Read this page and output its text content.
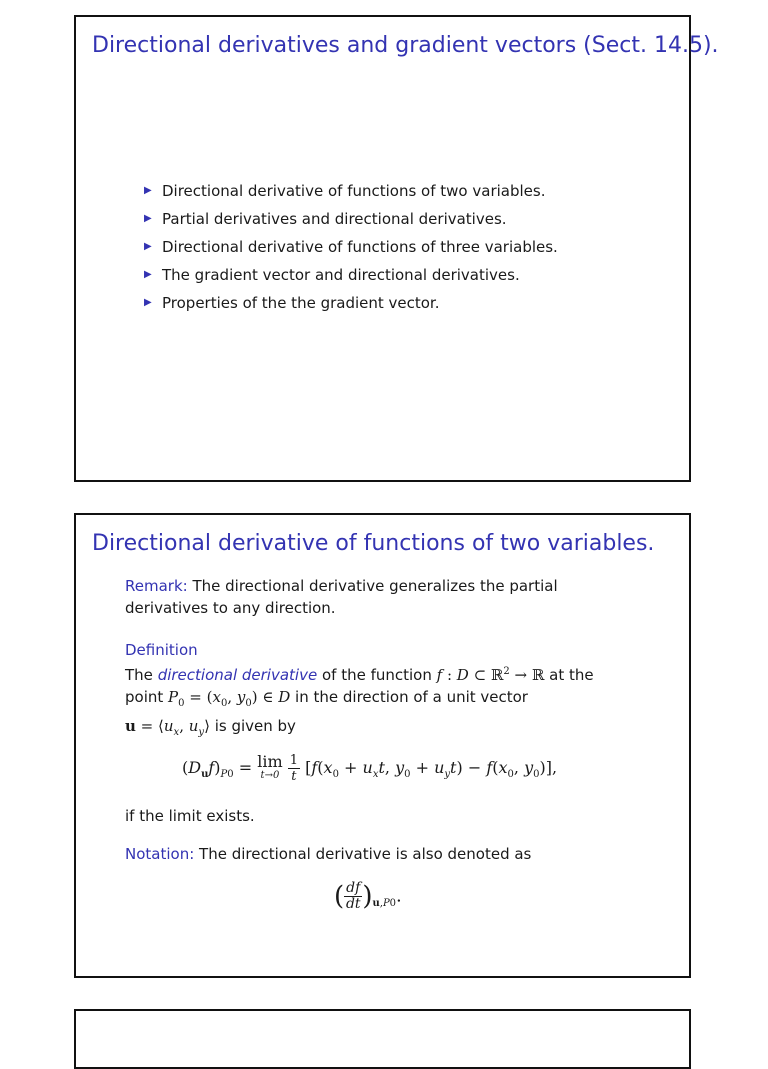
Directional derivatives and gradient vectors (Sect. 14.5).
▶ Directional derivative of functions of two variables.
▶ Partial derivatives and directional derivatives.
▶ Directional derivative of functions of three variables.
▶ The gradient vector and directional derivatives.
▶ Properties of the the gradient vector.
Directional derivative of functions of two variables.
Remark: The directional derivative generalizes the partial
derivatives to any direction.
Definition
The directional derivative of the function f : D ⊂ ℝ$^2$ → ℝ at the
point $P_0 = (x_0$, $y_0$) ∈ D in the direction of a unit vector
$u = ⟨u_x$, $u_y⟩$ is given by
$(D_uf)_{P0} = \lim$
t→0
$\frac{1}{t} [f(x_0 + u_xt$, $y_0 + u_yt) - f(x_0$, $y_0$)],
if the limit exists.
Notation: The directional derivative is also denoted as
( $\frac{df}{dt} )_{u,P0}$.
